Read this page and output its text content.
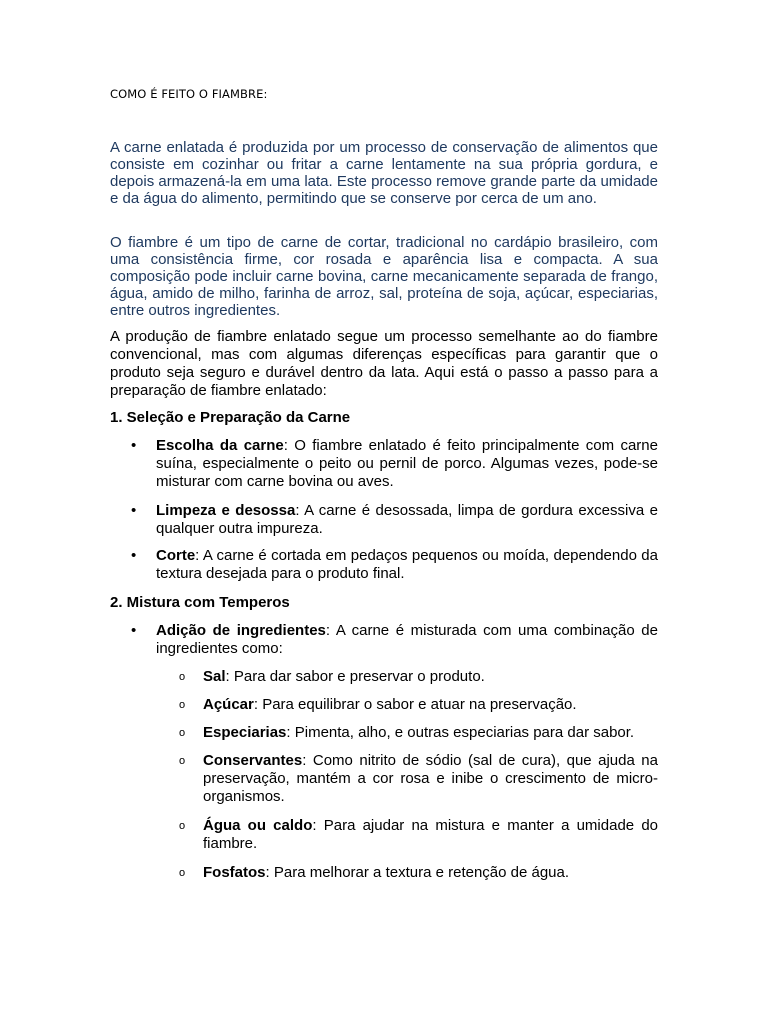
COMO É FEITO O FIAMBRE:

A carne enlatada é produzida por um processo de conservação de alimentos que consiste em cozinhar ou fritar a carne lentamente na sua própria gordura, e depois armazená-la em uma lata. Este processo remove grande parte da umidade e da água do alimento, permitindo que se conserve por cerca de um ano.

O fiambre é um tipo de carne de cortar, tradicional no cardápio brasileiro, com uma consistência firme, cor rosada e aparência lisa e compacta. A sua composição pode incluir carne bovina, carne mecanicamente separada de frango, água, amido de milho, farinha de arroz, sal, proteína de soja, açúcar, especiarias, entre outros ingredientes.

A produção de fiambre enlatado segue um processo semelhante ao do fiambre convencional, mas com algumas diferenças específicas para garantir que o produto seja seguro e durável dentro da lata. Aqui está o passo a passo para a preparação de fiambre enlatado:

1. Seleção e Preparação da Carne

• Escolha da carne: O fiambre enlatado é feito principalmente com carne suína, especialmente o peito ou pernil de porco. Algumas vezes, pode-se misturar com carne bovina ou aves.
• Limpeza e desossa: A carne é desossada, limpa de gordura excessiva e qualquer outra impureza.
• Corte: A carne é cortada em pedaços pequenos ou moída, dependendo da textura desejada para o produto final.

2. Mistura com Temperos

• Adição de ingredientes: A carne é misturada com uma combinação de ingredientes como:
o Sal: Para dar sabor e preservar o produto.
o Açúcar: Para equilibrar o sabor e atuar na preservação.
o Especiarias: Pimenta, alho, e outras especiarias para dar sabor.
o Conservantes: Como nitrito de sódio (sal de cura), que ajuda na preservação, mantém a cor rosa e inibe o crescimento de micro-organismos.
o Água ou caldo: Para ajudar na mistura e manter a umidade do fiambre.
o Fosfatos: Para melhorar a textura e retenção de água.
